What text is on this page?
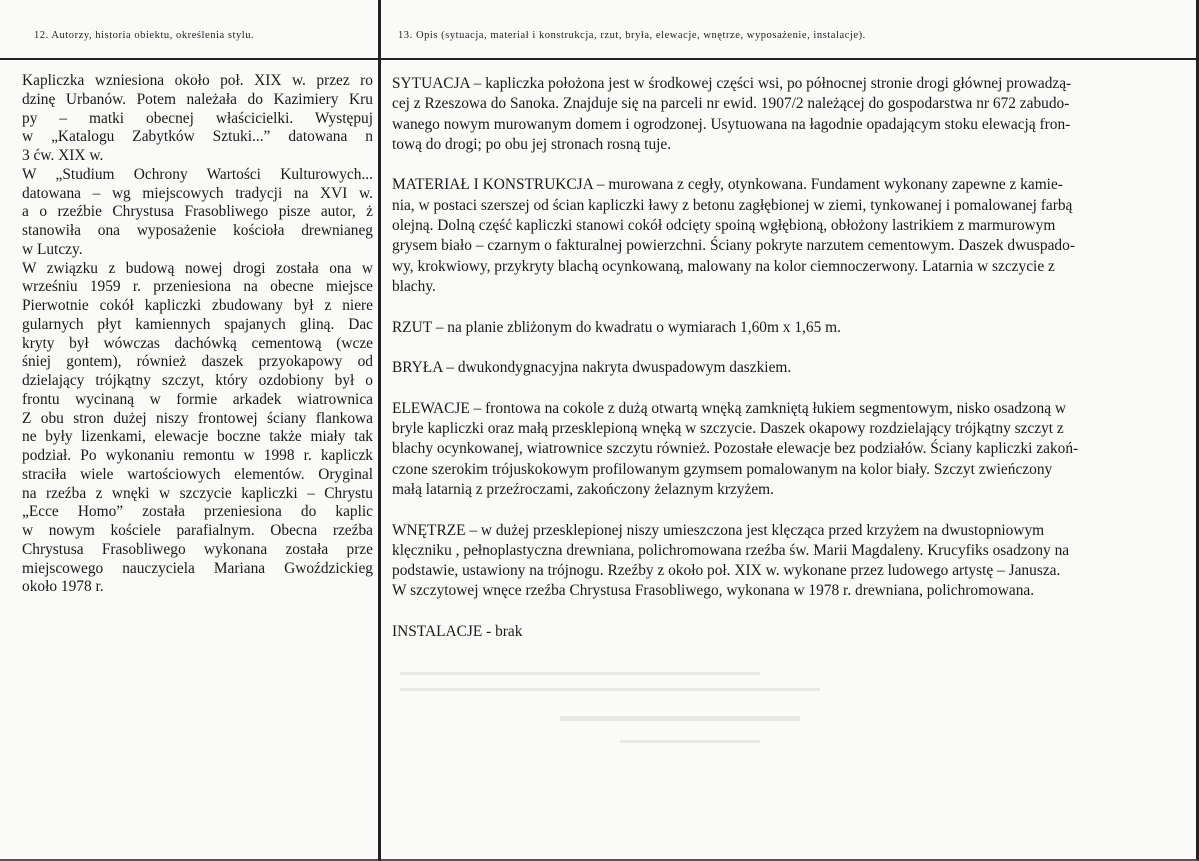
12. Autorzy, historia obiektu, określenia stylu.	13. Opis (sytuacja, materiał i konstrukcja, rzut, bryła, elewacje, wnętrze, wyposażenie, instalacje).

Kapliczka wzniesiona około poł. XIX w. przez ro

dzinę Urbanów. Potem należała do Kazimiery Kru

py – matki obecnej właścicielki. Występuj

w „Katalogu Zabytków Sztuki...” datowana n

3 ćw. XIX w.

W „Studium Ochrony Wartości Kulturowych...

datowana – wg miejscowych tradycji na XVI w.

a o rzeźbie Chrystusa Frasobliwego pisze autor, ż

stanowiła ona wyposażenie kościoła drewnianeg

w Lutczy.

W związku z budową nowej drogi została ona w

wrześniu 1959 r. przeniesiona na obecne miejsce

Pierwotnie cokół kapliczki zbudowany był z niere

gularnych płyt kamiennych spajanych gliną. Dac

kryty był wówczas dachówką cementową (wcze

śniej gontem), również daszek przyokapowy od

dzielający trójkątny szczyt, który ozdobiony był o

frontu wycinaną w formie arkadek wiatrownica

Z obu stron dużej niszy frontowej ściany flankowa

ne były lizenkami, elewacje boczne także miały tak

podział. Po wykonaniu remontu w 1998 r. kapliczk

straciła wiele wartościowych elementów. Oryginal

na rzeźba z wnęki w szczycie kapliczki – Chrystu

„Ecce Homo” została przeniesiona do kaplic

w nowym kościele parafialnym. Obecna rzeźba

Chrystusa Frasobliwego wykonana została prze

miejscowego nauczyciela Mariana Gwoździckieg

około 1978 r.

SYTUACJA – kapliczka położona jest w środkowej części wsi, po północnej stronie drogi głównej prowadzą-

cej z Rzeszowa do Sanoka. Znajduje się na parceli nr ewid. 1907/2 należącej do gospodarstwa nr 672 zabudo-

wanego nowym murowanym domem i ogrodzonej. Usytuowana na łagodnie opadającym stoku elewacją fron-

tową do drogi; po obu jej stronach rosną tuje.

MATERIAŁ I KONSTRUKCJA – murowana z cegły, otynkowana. Fundament wykonany zapewne z kamie-

nia, w postaci szerszej od ścian kapliczki ławy z betonu zagłębionej w ziemi, tynkowanej i pomalowanej farbą

olejną. Dolną część kapliczki stanowi cokół odcięty spoiną wgłębioną, obłożony lastrikiem z marmurowym

grysem biało – czarnym o fakturalnej powierzchni. Ściany pokryte narzutem cementowym. Daszek dwuspado-

wy, krokwiowy, przykryty blachą ocynkowaną, malowany na kolor ciemnoczerwony. Latarnia w szczycie z

blachy.

RZUT – na planie zbliżonym do kwadratu o wymiarach 1,60m x 1,65 m.

BRYŁA – dwukondygnacyjna nakryta dwuspadowym daszkiem.

ELEWACJE – frontowa na cokole z dużą otwartą wnęką zamkniętą łukiem segmentowym, nisko osadzoną w

bryle kapliczki oraz małą przesklepioną wnęką w szczycie. Daszek okapowy rozdzielający trójkątny szczyt z

blachy ocynkowanej, wiatrownice szczytu również. Pozostałe elewacje bez podziałów. Ściany kapliczki zakoń-

czone szerokim trójuskokowym profilowanym gzymsem pomalowanym na kolor biały. Szczyt zwieńczony

małą latarnią z przeźroczami, zakończony żelaznym krzyżem.

WNĘTRZE – w dużej przesklepionej niszy umieszczona jest klęcząca przed krzyżem na dwustopniowym

klęczniku , pełnoplastyczna drewniana, polichromowana rzeźba św. Marii Magdaleny. Krucyfiks osadzony na

podstawie, ustawiony na trójnogu. Rzeźby z około poł. XIX w. wykonane przez ludowego artystę – Janusza.

W szczytowej wnęce rzeźba Chrystusa Frasobliwego, wykonana w 1978 r. drewniana, polichromowana.

INSTALACJE - brak
